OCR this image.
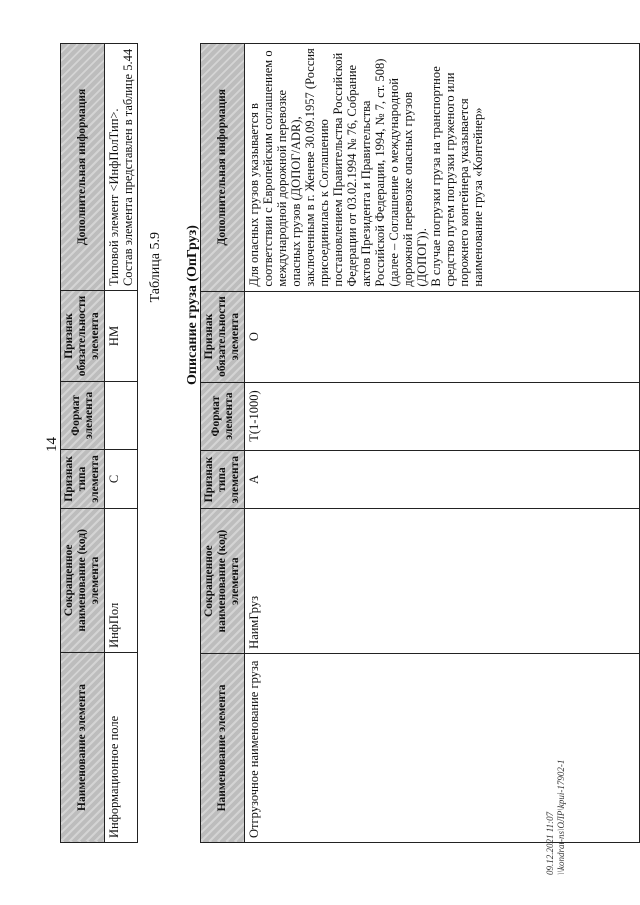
14
Наименование элемента	Сокращенное наименование (код) элемента	Признак типа элемента	Формат элемента	Признак обязательности элемента	Дополнительная информация
Информационное поле	ИнфПол	С		НМ	Типовой элемент <ИнфПолТип>. Состав элемента представлен в таблице 5.44 Таблица 5.9 Описание груза (ОпГруз)
Наименование элемента	Сокращенное наименование (код) элемента	Признак типа элемента	Формат элемента	Признак обязательности элемента	Дополнительная информация
Отгрузочное наименование груза	НаимГруз	А	Т(1-1000)	О	Для опасных грузов указывается в соответствии с Европейским соглашением о международной дорожной перевозке опасных грузов (ДОПОГ/ADR), заключенным в г. Женеве 30.09.1957 (Россия присоединилась к Соглашению постановлением Правительства Российской Федерации от 03.02.1994 № 76, Собрание актов Президента и Правительства Российской Федерации, 1994, № 7, ст. 508) (далее – Соглашение о международной дорожной перевозке опасных грузов (ДОПОГ)). В случае погрузки груза на транспортное средство путем погрузки груженого или порожнего контейнера указывается наименование груза «Контейнер»
09.12.2021 11:07 \\kondrat-ns\ОЛР\kpui-17902-1
